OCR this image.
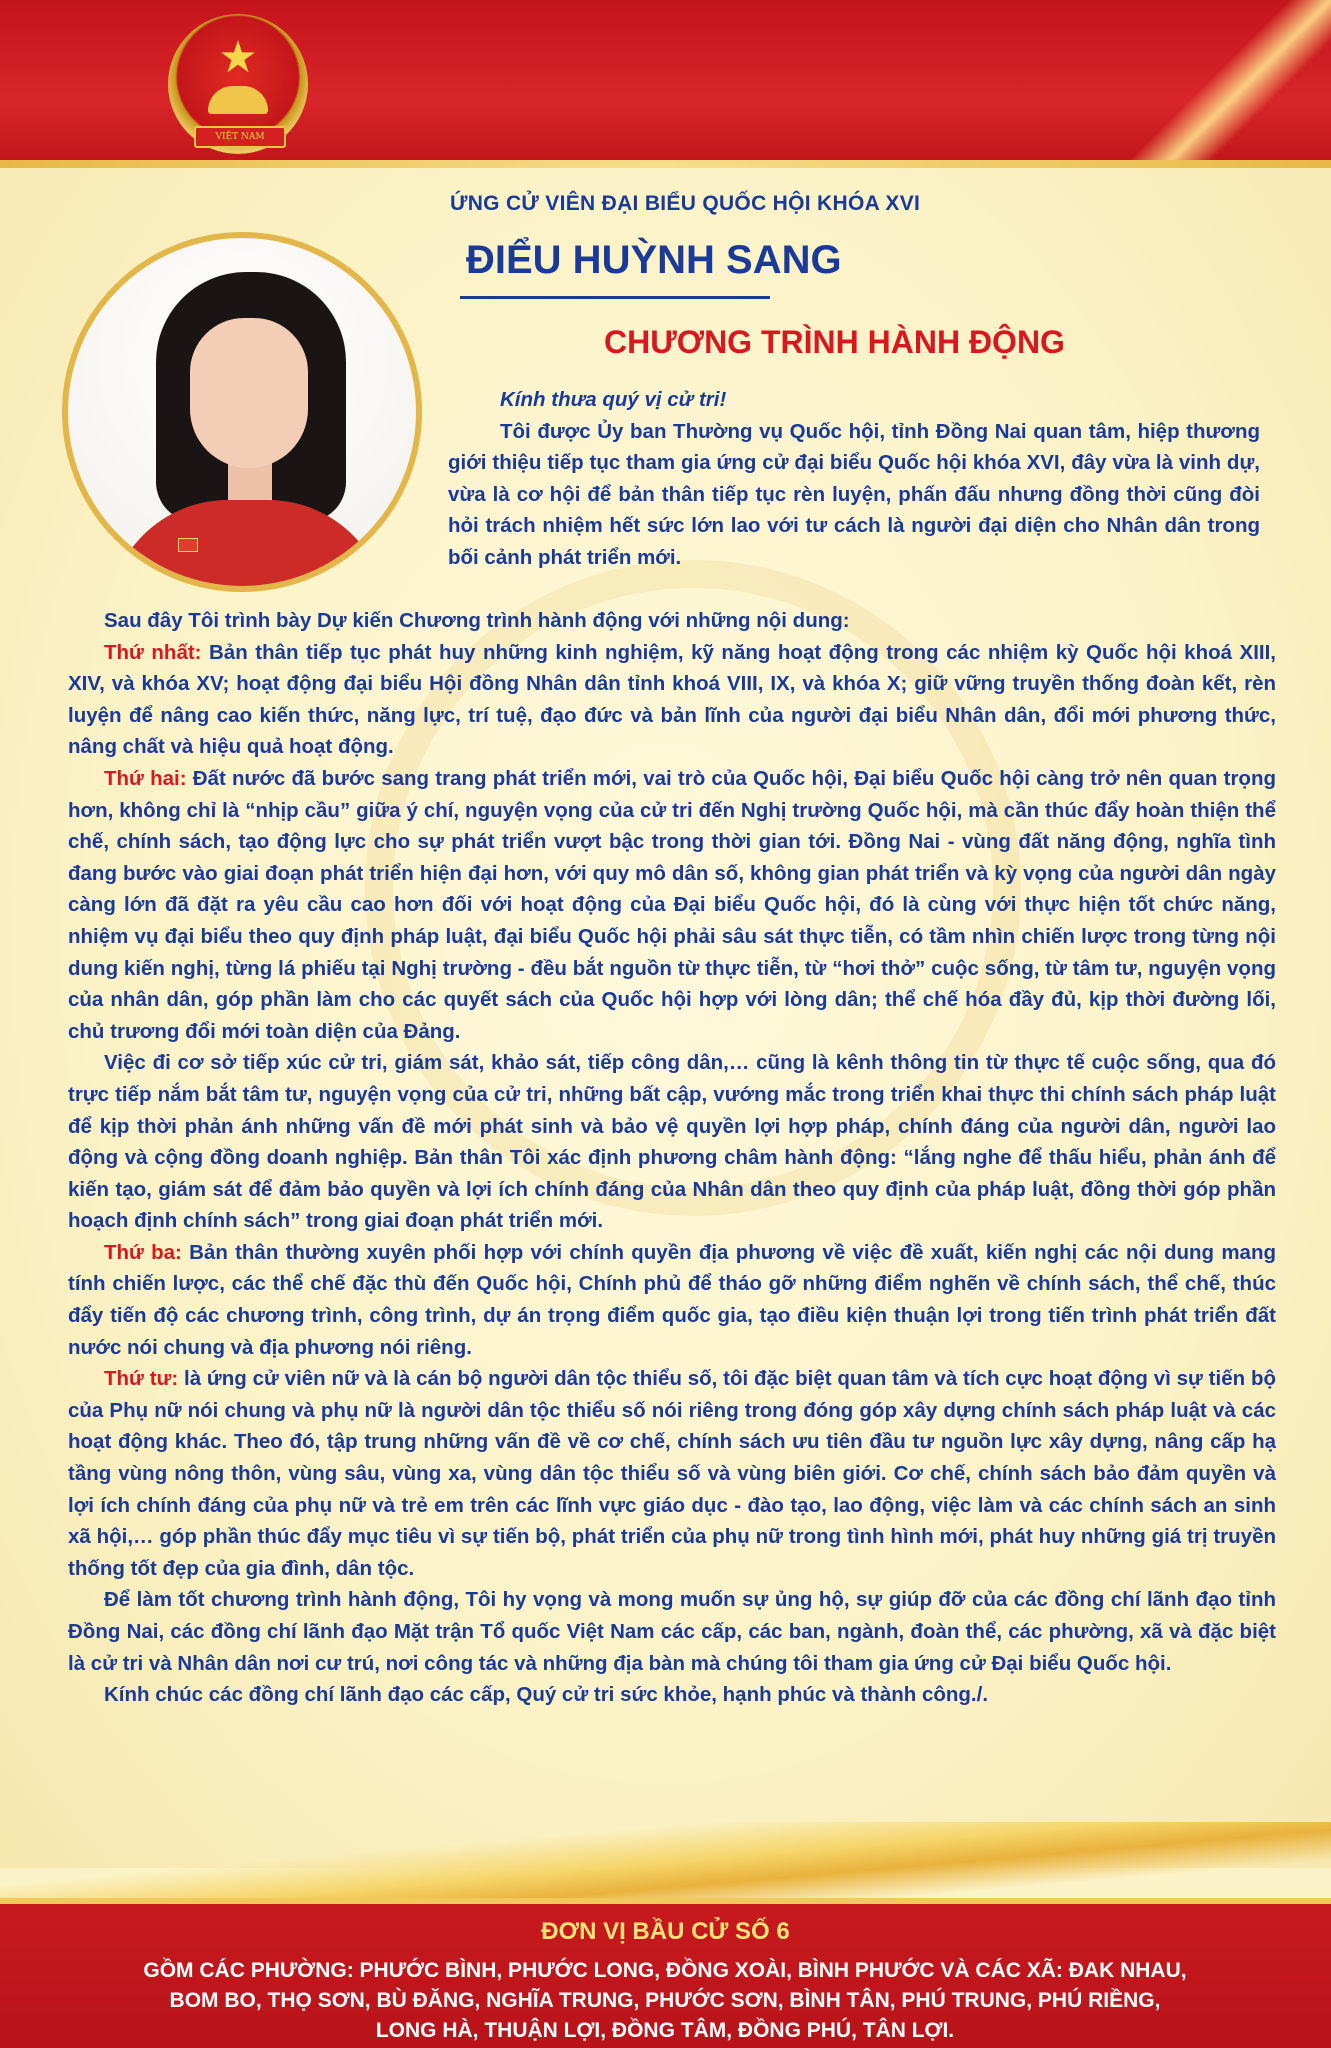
★
VIỆT NAM
ỨNG CỬ VIÊN ĐẠI BIỂU QUỐC HỘI KHÓA XVI
ĐIỂU HUỲNH SANG
CHƯƠNG TRÌNH HÀNH ĐỘNG

Kính thưa quý vị cử tri!

Tôi được Ủy ban Thường vụ Quốc hội, tỉnh Đồng Nai quan tâm, hiệp thương giới thiệu tiếp tục tham gia ứng cử đại biểu Quốc hội khóa XVI, đây vừa là vinh dự, vừa là cơ hội để bản thân tiếp tục rèn luyện, phấn đấu nhưng đồng thời cũng đòi hỏi trách nhiệm hết sức lớn lao với tư cách là người đại diện cho Nhân dân trong bối cảnh phát triển mới.

Sau đây Tôi trình bày Dự kiến Chương trình hành động với những nội dung:

Thứ nhất: Bản thân tiếp tục phát huy những kinh nghiệm, kỹ năng hoạt động trong các nhiệm kỳ Quốc hội khoá XIII, XIV, và khóa XV; hoạt động đại biểu Hội đồng Nhân dân tỉnh khoá VIII, IX, và khóa X; giữ vững truyền thống đoàn kết, rèn luyện để nâng cao kiến thức, năng lực, trí tuệ, đạo đức và bản lĩnh của người đại biểu Nhân dân, đổi mới phương thức, nâng chất và hiệu quả hoạt động.

Thứ hai: Đất nước đã bước sang trang phát triển mới, vai trò của Quốc hội, Đại biểu Quốc hội càng trở nên quan trọng hơn, không chỉ là “nhịp cầu” giữa ý chí, nguyện vọng của cử tri đến Nghị trường Quốc hội, mà cần thúc đẩy hoàn thiện thể chế, chính sách, tạo động lực cho sự phát triển vượt bậc trong thời gian tới. Đồng Nai - vùng đất năng động, nghĩa tình đang bước vào giai đoạn phát triển hiện đại hơn, với quy mô dân số, không gian phát triển và kỳ vọng của người dân ngày càng lớn đã đặt ra yêu cầu cao hơn đối với hoạt động của Đại biểu Quốc hội, đó là cùng với thực hiện tốt chức năng, nhiệm vụ đại biểu theo quy định pháp luật, đại biểu Quốc hội phải sâu sát thực tiễn, có tầm nhìn chiến lược trong từng nội dung kiến nghị, từng lá phiếu tại Nghị trường - đều bắt nguồn từ thực tiễn, từ “hơi thở” cuộc sống, từ tâm tư, nguyện vọng của nhân dân, góp phần làm cho các quyết sách của Quốc hội hợp với lòng dân; thể chế hóa đầy đủ, kịp thời đường lối, chủ trương đổi mới toàn diện của Đảng.

Việc đi cơ sở tiếp xúc cử tri, giám sát, khảo sát, tiếp công dân,… cũng là kênh thông tin từ thực tế cuộc sống, qua đó trực tiếp nắm bắt tâm tư, nguyện vọng của cử tri, những bất cập, vướng mắc trong triển khai thực thi chính sách pháp luật để kịp thời phản ánh những vấn đề mới phát sinh và bảo vệ quyền lợi hợp pháp, chính đáng của người dân, người lao động và cộng đồng doanh nghiệp. Bản thân Tôi xác định phương châm hành động: “lắng nghe để thấu hiểu, phản ánh để kiến tạo, giám sát để đảm bảo quyền và lợi ích chính đáng của Nhân dân theo quy định của pháp luật, đồng thời góp phần hoạch định chính sách” trong giai đoạn phát triển mới.

Thứ ba: Bản thân thường xuyên phối hợp với chính quyền địa phương về việc đề xuất, kiến nghị các nội dung mang tính chiến lược, các thể chế đặc thù đến Quốc hội, Chính phủ để tháo gỡ những điểm nghẽn về chính sách, thể chế, thúc đẩy tiến độ các chương trình, công trình, dự án trọng điểm quốc gia, tạo điều kiện thuận lợi trong tiến trình phát triển đất nước nói chung và địa phương nói riêng.

Thứ tư: là ứng cử viên nữ và là cán bộ người dân tộc thiểu số, tôi đặc biệt quan tâm và tích cực hoạt động vì sự tiến bộ của Phụ nữ nói chung và phụ nữ là người dân tộc thiểu số nói riêng trong đóng góp xây dựng chính sách pháp luật và các hoạt động khác. Theo đó, tập trung những vấn đề về cơ chế, chính sách ưu tiên đầu tư nguồn lực xây dựng, nâng cấp hạ tầng vùng nông thôn, vùng sâu, vùng xa, vùng dân tộc thiểu số và vùng biên giới. Cơ chế, chính sách bảo đảm quyền và lợi ích chính đáng của phụ nữ và trẻ em trên các lĩnh vực giáo dục - đào tạo, lao động, việc làm và các chính sách an sinh xã hội,… góp phần thúc đẩy mục tiêu vì sự tiến bộ, phát triển của phụ nữ trong tình hình mới, phát huy những giá trị truyền thống tốt đẹp của gia đình, dân tộc.

Để làm tốt chương trình hành động, Tôi hy vọng và mong muốn sự ủng hộ, sự giúp đỡ của các đồng chí lãnh đạo tỉnh Đồng Nai, các đồng chí lãnh đạo Mặt trận Tổ quốc Việt Nam các cấp, các ban, ngành, đoàn thể, các phường, xã và đặc biệt là cử tri và Nhân dân nơi cư trú, nơi công tác và những địa bàn mà chúng tôi tham gia ứng cử Đại biểu Quốc hội.

Kính chúc các đồng chí lãnh đạo các cấp, Quý cử tri sức khỏe, hạnh phúc và thành công./.

ĐƠN VỊ BẦU CỬ SỐ 6
GỒM CÁC PHƯỜNG: PHƯỚC BÌNH, PHƯỚC LONG, ĐỒNG XOÀI, BÌNH PHƯỚC VÀ CÁC XÃ: ĐAK NHAU, BOM BO, THỌ SƠN, BÙ ĐĂNG, NGHĨA TRUNG, PHƯỚC SƠN, BÌNH TÂN, PHÚ TRUNG, PHÚ RIỀNG, LONG HÀ, THUẬN LỢI, ĐỒNG TÂM, ĐỒNG PHÚ, TÂN LỢI.
